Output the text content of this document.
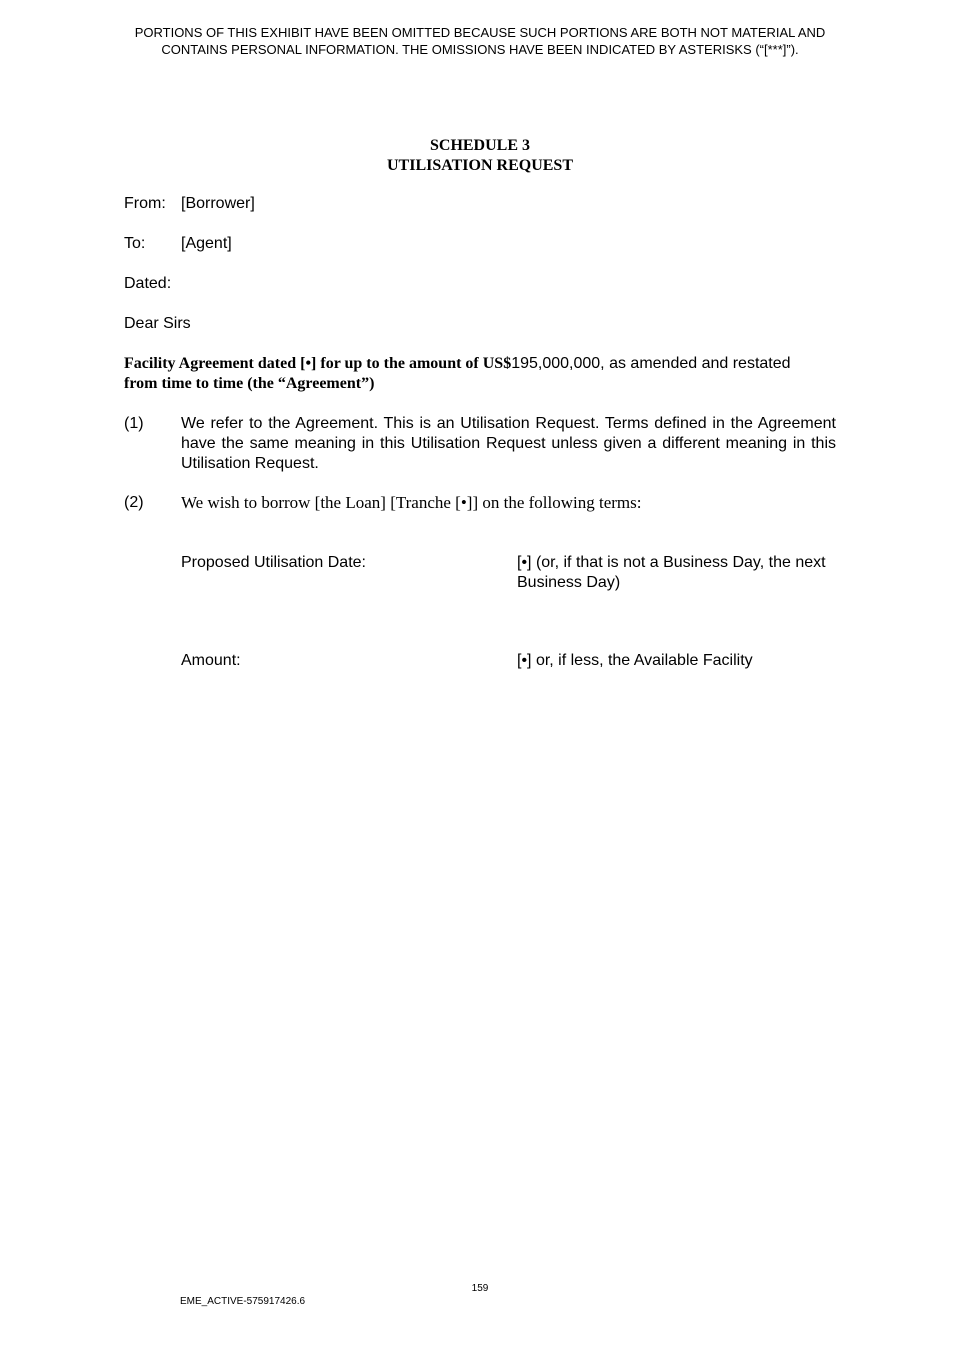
PORTIONS OF THIS EXHIBIT HAVE BEEN OMITTED BECAUSE SUCH PORTIONS ARE BOTH NOT MATERIAL AND
CONTAINS PERSONAL INFORMATION. THE OMISSIONS HAVE BEEN INDICATED BY ASTERISKS (“[***]”).
SCHEDULE 3
UTILISATION REQUEST
From: [Borrower]
To: [Agent]
Dated:
Dear Sirs
Facility Agreement dated [•] for up to the amount of US$195,000,000, as amended and restated
from time to time (the “Agreement”)
(1) We refer to the Agreement. This is an Utilisation Request. Terms defined in the Agreement have the same meaning in this Utilisation Request unless given a different meaning in this Utilisation Request.
(2) We wish to borrow [the Loan] [Tranche [•]] on the following terms:
Proposed Utilisation Date:	[•] (or, if that is not a Business Day, the next Business Day)
Amount:	[•] or, if less, the Available Facility
159
EME_ACTIVE-575917426.6
